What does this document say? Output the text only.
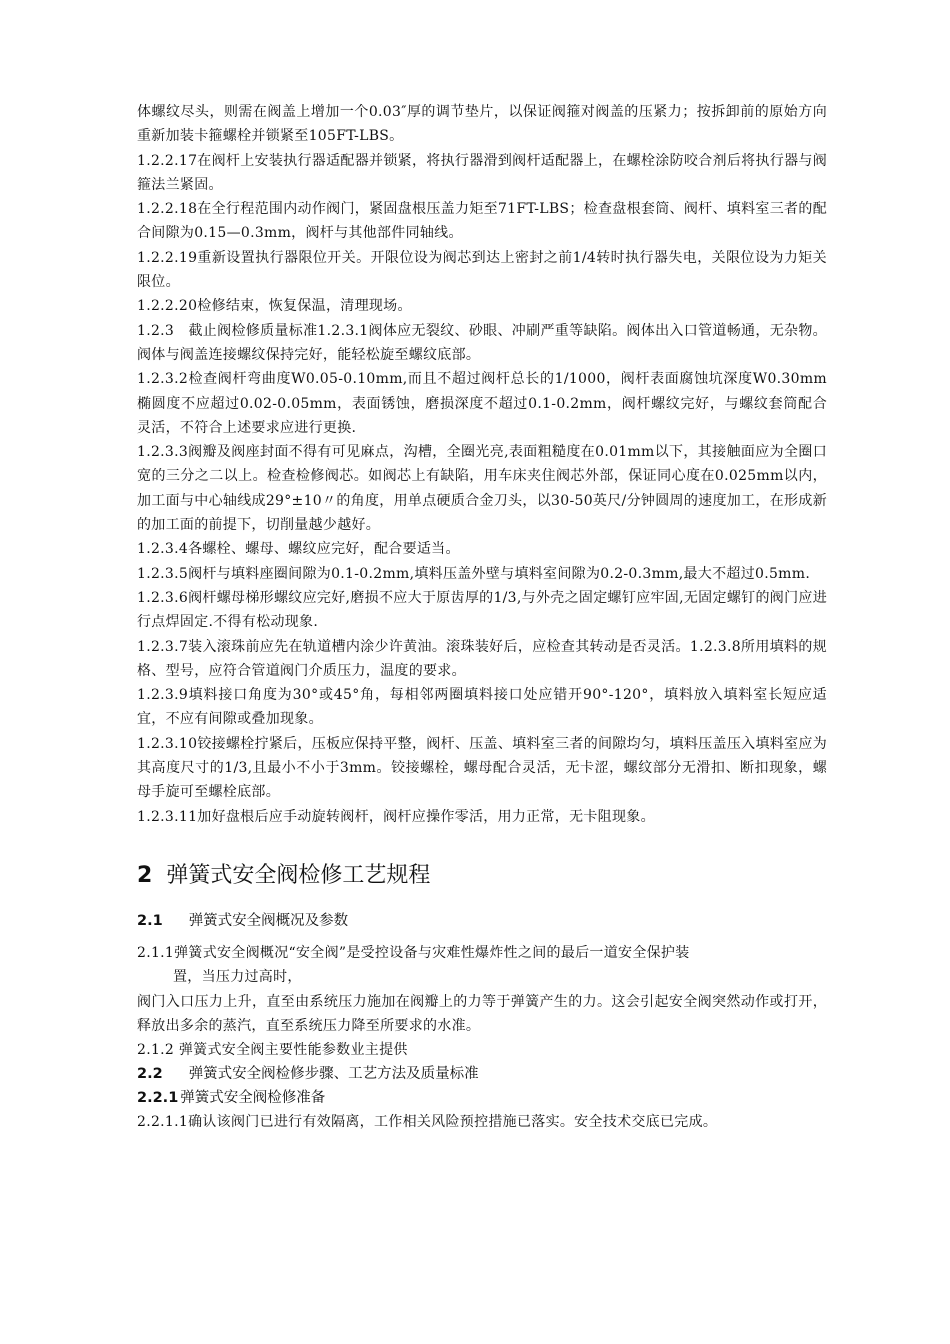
体螺纹尽头，则需在阀盖上增加一个0.03″厚的调节垫片，以保证阀箍对阀盖的压紧力；按拆卸前的原始方向重新加装卡箍螺栓并锁紧至105FT-LBS。

1.2.2.17在阀杆上安装执行器适配器并锁紧，将执行器滑到阀杆适配器上，在螺栓涂防咬合剂后将执行器与阀箍法兰紧固。

1.2.2.18在全行程范围内动作阀门，紧固盘根压盖力矩至71FT-LBS；检查盘根套筒、阀杆、填料室三者的配合间隙为0.15—0.3mm，阀杆与其他部件同轴线。

1.2.2.19重新设置执行器限位开关。开限位设为阀芯到达上密封之前1/4转时执行器失电，关限位设为力矩关限位。

1.2.2.20检修结束，恢复保温，清理现场。

1.2.3　截止阀检修质量标准1.2.3.1阀体应无裂纹、砂眼、冲刷严重等缺陷。阀体出入口管道畅通，无杂物。阀体与阀盖连接螺纹保持完好，能轻松旋至螺纹底部。

1.2.3.2检查阀杆弯曲度W0.05-0.10mm,而且不超过阀杆总长的1/1000，阀杆表面腐蚀坑深度W0.30mm椭圆度不应超过0.02-0.05mm，表面锈蚀，磨损深度不超过0.1-0.2mm，阀杆螺纹完好，与螺纹套筒配合灵活，不符合上述要求应进行更换.

1.2.3.3阀瓣及阀座封面不得有可见麻点，沟槽，全圈光亮,表面粗糙度在0.01mm以下，其接触面应为全圈口宽的三分之二以上。检查检修阀芯。如阀芯上有缺陷，用车床夹住阀芯外部，保证同心度在0.025mm以内，加工面与中心轴线成29°±10〃的角度，用单点硬质合金刀头，以30-50英尺/分钟圆周的速度加工，在形成新的加工面的前提下，切削量越少越好。

1.2.3.4各螺栓、螺母、螺纹应完好，配合要适当。

1.2.3.5阀杆与填料座圈间隙为0.1-0.2mm,填料压盖外壁与填料室间隙为0.2-0.3mm,最大不超过0.5mm.

1.2.3.6阀杆螺母梯形螺纹应完好,磨损不应大于原齿厚的1/3,与外壳之固定螺钉应牢固,无固定螺钉的阀门应进行点焊固定.不得有松动现象.

1.2.3.7装入滚珠前应先在轨道槽内涂少许黄油。滚珠装好后，应检查其转动是否灵活。1.2.3.8所用填料的规格、型号，应符合管道阀门介质压力，温度的要求。

1.2.3.9填料接口角度为30°或45°角，每相邻两圈填料接口处应错开90°-120°，填料放入填料室长短应适宜，不应有间隙或叠加现象。

1.2.3.10铰接螺栓拧紧后，压板应保持平整，阀杆、压盖、填料室三者的间隙均匀，填料压盖压入填料室应为其高度尺寸的1/3,且最小不小于3mm。铰接螺栓，螺母配合灵活，无卡涩，螺纹部分无滑扣、断扣现象，螺母手旋可至螺栓底部。

1.2.3.11加好盘根后应手动旋转阀杆，阀杆应操作零活，用力正常，无卡阻现象。

2 弹簧式安全阀检修工艺规程
2.1 弹簧式安全阀概况及参数

2.1.1弹簧式安全阀概况“安全阀”是受控设备与灾难性爆炸性之间的最后一道安全保护装

置，当压力过高时，

阀门入口压力上升，直至由系统压力施加在阀瓣上的力等于弹簧产生的力。这会引起安全阀突然动作或打开，释放出多余的蒸汽，直至系统压力降至所要求的水准。

2.1.2 弹簧式安全阀主要性能参数业主提供

2.2 弹簧式安全阀检修步骤、工艺方法及质量标准
2.2.1 弹簧式安全阀检修准备

2.2.1.1确认该阀门已进行有效隔离，工作相关风险预控措施已落实。安全技术交底已完成。
